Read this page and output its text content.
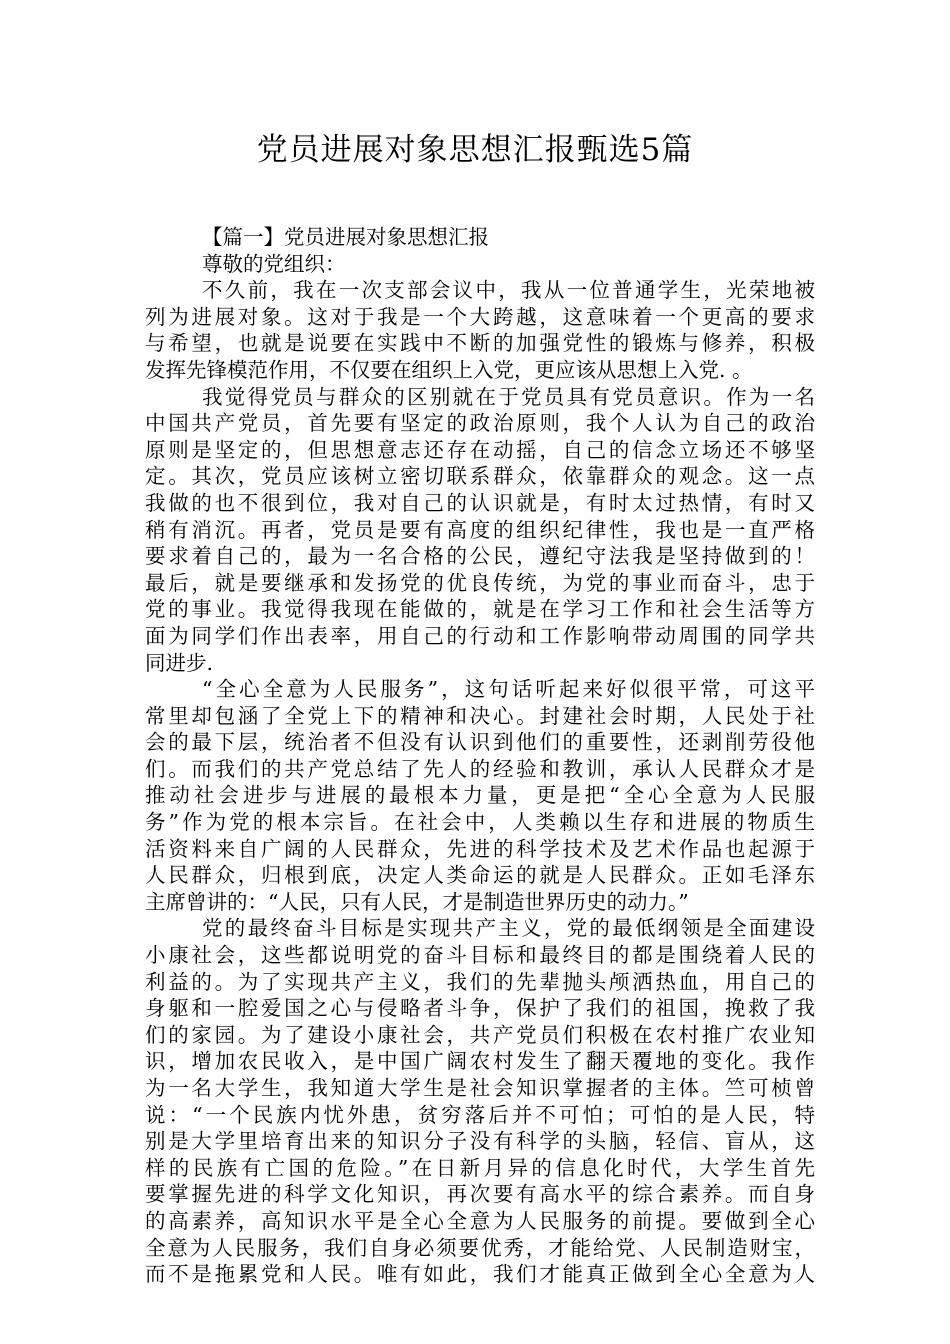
党员进展对象思想汇报甄选5篇
【篇一】党员进展对象思想汇报
尊敬的党组织：
不久前，我在一次支部会议中，我从一位普通学生，光荣地被
列为进展对象。这对于我是一个大跨越，这意味着一个更高的要求
与希望，也就是说要在实践中不断的加强党性的锻炼与修养，积极
发挥先锋模范作用，不仅要在组织上入党，更应该从思想上入党. 。
我觉得党员与群众的区别就在于党员具有党员意识。作为一名
中国共产党员，首先要有坚定的政治原则，我个人认为自己的政治
原则是坚定的，但思想意志还存在动摇，自己的信念立场还不够坚
定。其次，党员应该树立密切联系群众，依靠群众的观念。这一点
我做的也不很到位，我对自己的认识就是，有时太过热情，有时又
稍有消沉。再者，党员是要有高度的组织纪律性，我也是一直严格
要求着自己的，最为一名合格的公民，遵纪守法我是坚持做到的！
最后，就是要继承和发扬党的优良传统，为党的事业而奋斗，忠于
党的事业。我觉得我现在能做的，就是在学习工作和社会生活等方
面为同学们作出表率，用自己的行动和工作影响带动周围的同学共
同进步.
“全心全意为人民服务”，这句话听起来好似很平常，可这平
常里却包涵了全党上下的精神和决心。封建社会时期，人民处于社
会的最下层，统治者不但没有认识到他们的重要性，还剥削劳役他
们。而我们的共产党总结了先人的经验和教训，承认人民群众才是
推动社会进步与进展的最根本力量，更是把“全心全意为人民服
务”作为党的根本宗旨。在社会中，人类赖以生存和进展的物质生
活资料来自广阔的人民群众，先进的科学技术及艺术作品也起源于
人民群众，归根到底，决定人类命运的就是人民群众。正如毛泽东
主席曾讲的：“人民，只有人民，才是制造世界历史的动力。”
党的最终奋斗目标是实现共产主义，党的最低纲领是全面建设
小康社会，这些都说明党的奋斗目标和最终目的都是围绕着人民的
利益的。为了实现共产主义，我们的先辈抛头颅洒热血，用自己的
身躯和一腔爱国之心与侵略者斗争，保护了我们的祖国，挽救了我
们的家园。为了建设小康社会，共产党员们积极在农村推广农业知
识，增加农民收入，是中国广阔农村发生了翻天覆地的变化。我作
为一名大学生，我知道大学生是社会知识掌握者的主体。竺可桢曾
说：“一个民族内忧外患，贫穷落后并不可怕；可怕的是人民，特
别是大学里培育出来的知识分子没有科学的头脑，轻信、盲从，这
样的民族有亡国的危险。”在日新月异的信息化时代，大学生首先
要掌握先进的科学文化知识，再次要有高水平的综合素养。而自身
的高素养，高知识水平是全心全意为人民服务的前提。要做到全心
全意为人民服务，我们自身必须要优秀，才能给党、人民制造财宝，
而不是拖累党和人民。唯有如此，我们才能真正做到全心全意为人
